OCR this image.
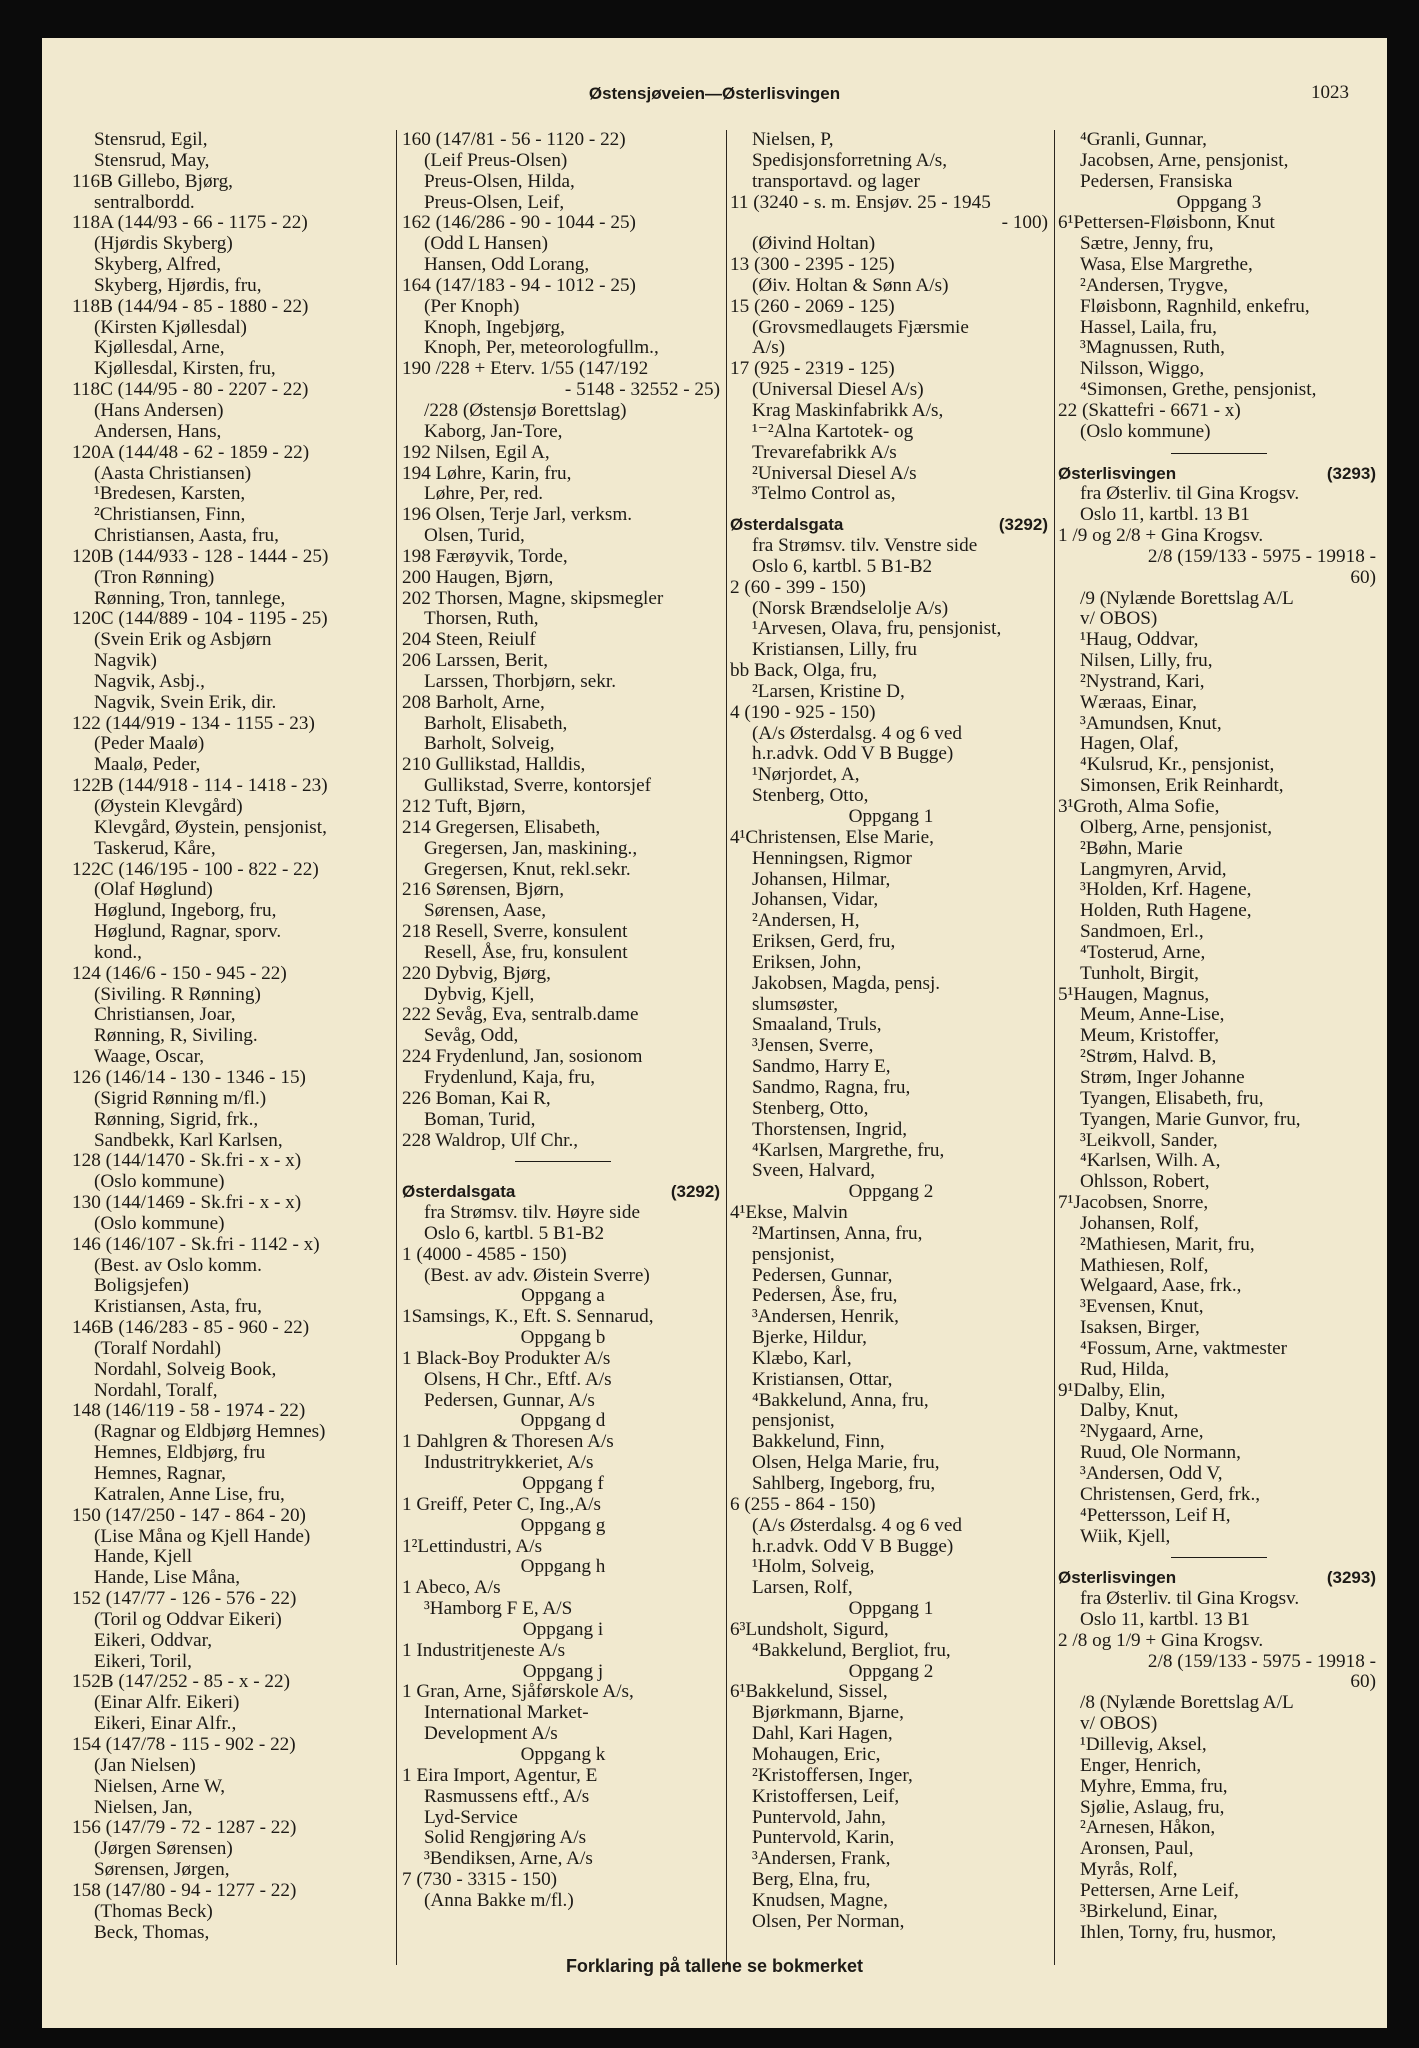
Østensjøveien—Østerlisvingen	1023
Stensrud, Egil,
Stensrud, May,
116B Gillebo, Bjørg,
sentralbordd.
118A (144/93 - 66 - 1175 - 22)
(Hjørdis Skyberg)
Skyberg, Alfred,
Skyberg, Hjørdis, fru,
118B (144/94 - 85 - 1880 - 22)
(Kirsten Kjøllesdal)
Kjøllesdal, Arne,
Kjøllesdal, Kirsten, fru,
118C (144/95 - 80 - 2207 - 22)
(Hans Andersen)
Andersen, Hans,
120A (144/48 - 62 - 1859 - 22)
(Aasta Christiansen)
¹Bredesen, Karsten,
²Christiansen, Finn,
Christiansen, Aasta, fru,
120B (144/933 - 128 - 1444 - 25)
(Tron Rønning)
Rønning, Tron, tannlege,
120C (144/889 - 104 - 1195 - 25)
(Svein Erik og Asbjørn
Nagvik)
Nagvik, Asbj.,
Nagvik, Svein Erik, dir.
122 (144/919 - 134 - 1155 - 23)
(Peder Maalø)
Maalø, Peder,
122B (144/918 - 114 - 1418 - 23)
(Øystein Klevgård)
Klevgård, Øystein, pensjonist,
Taskerud, Kåre,
122C (146/195 - 100 - 822 - 22)
(Olaf Høglund)
Høglund, Ingeborg, fru,
Høglund, Ragnar, sporv.
kond.,
124 (146/6 - 150 - 945 - 22)
(Siviling. R Rønning)
Christiansen, Joar,
Rønning, R, Siviling.
Waage, Oscar,
126 (146/14 - 130 - 1346 - 15)
(Sigrid Rønning m/fl.)
Rønning, Sigrid, frk.,
Sandbekk, Karl Karlsen,
128 (144/1470 - Sk.fri - x - x)
(Oslo kommune)
130 (144/1469 - Sk.fri - x - x)
(Oslo kommune)
146 (146/107 - Sk.fri - 1142 - x)
(Best. av Oslo komm.
Boligsjefen)
Kristiansen, Asta, fru,
146B (146/283 - 85 - 960 - 22)
(Toralf Nordahl)
Nordahl, Solveig Book,
Nordahl, Toralf,
148 (146/119 - 58 - 1974 - 22)
(Ragnar og Eldbjørg Hemnes)
Hemnes, Eldbjørg, fru
Hemnes, Ragnar,
Katralen, Anne Lise, fru,
150 (147/250 - 147 - 864 - 20)
(Lise Måna og Kjell Hande)
Hande, Kjell
Hande, Lise Måna,
152 (147/77 - 126 - 576 - 22)
(Toril og Oddvar Eikeri)
Eikeri, Oddvar,
Eikeri, Toril,
152B (147/252 - 85 - x - 22)
(Einar Alfr. Eikeri)
Eikeri, Einar Alfr.,
154 (147/78 - 115 - 902 - 22)
(Jan Nielsen)
Nielsen, Arne W,
Nielsen, Jan,
156 (147/79 - 72 - 1287 - 22)
(Jørgen Sørensen)
Sørensen, Jørgen,
158 (147/80 - 94 - 1277 - 22)
(Thomas Beck)
Beck, Thomas,
160 (147/81 - 56 - 1120 - 22)
(Leif Preus-Olsen)
Preus-Olsen, Hilda,
Preus-Olsen, Leif,
162 (146/286 - 90 - 1044 - 25)
(Odd L Hansen)
Hansen, Odd Lorang,
164 (147/183 - 94 - 1012 - 25)
(Per Knoph)
Knoph, Ingebjørg,
Knoph, Per, meteorologfullm.,
190 /228 + Eterv. 1/55 (147/192
- 5148 - 32552 - 25)
/228 (Østensjø Borettslag)
Kaborg, Jan-Tore,
192 Nilsen, Egil A,
194 Løhre, Karin, fru,
Løhre, Per, red.
196 Olsen, Terje Jarl, verksm.
Olsen, Turid,
198 Færøyvik, Torde,
200 Haugen, Bjørn,
202 Thorsen, Magne, skipsmegler
Thorsen, Ruth,
204 Steen, Reiulf
206 Larssen, Berit,
Larssen, Thorbjørn, sekr.
208 Barholt, Arne,
Barholt, Elisabeth,
Barholt, Solveig,
210 Gullikstad, Halldis,
Gullikstad, Sverre, kontorsjef
212 Tuft, Bjørn,
214 Gregersen, Elisabeth,
Gregersen, Jan, maskining.,
Gregersen, Knut, rekl.sekr.
216 Sørensen, Bjørn,
Sørensen, Aase,
218 Resell, Sverre, konsulent
Resell, Åse, fru, konsulent
220 Dybvig, Bjørg,
Dybvig, Kjell,
222 Sevåg, Eva, sentralb.dame
Sevåg, Odd,
224 Frydenlund, Jan, sosionom
Frydenlund, Kaja, fru,
226 Boman, Kai R,
Boman, Turid,
228 Waldrop, Ulf Chr.,
Østerdalsgata	(3292)
fra Strømsv. tilv. Høyre side
Oslo 6, kartbl. 5 B1-B2
1 (4000 - 4585 - 150)
(Best. av adv. Øistein Sverre)
Oppgang a
1Samsings, K., Eft. S. Sennarud,
Oppgang b
1 Black-Boy Produkter A/s
Olsens, H Chr., Eftf. A/s
Pedersen, Gunnar, A/s
Oppgang d
1 Dahlgren & Thoresen A/s
Industritrykkeriet, A/s
Oppgang f
1 Greiff, Peter C, Ing.,A/s
Oppgang g
1²Lettindustri, A/s
Oppgang h
1 Abeco, A/s
³Hamborg F E, A/S
Oppgang i
1 Industritjeneste A/s
Oppgang j
1 Gran, Arne, Sjåførskole A/s,
International Market-
Development A/s
Oppgang k
1 Eira Import, Agentur, E
Rasmussens eftf., A/s
Lyd-Service
Solid Rengjøring A/s
³Bendiksen, Arne, A/s
7 (730 - 3315 - 150)
(Anna Bakke m/fl.)
Nielsen, P,
Spedisjonsforretning A/s,
transportavd. og lager
11 (3240 - s. m. Ensjøv. 25 - 1945
- 100)
(Øivind Holtan)
13 (300 - 2395 - 125)
(Øiv. Holtan & Sønn A/s)
15 (260 - 2069 - 125)
(Grovsmedlaugets Fjærsmie
A/s)
17 (925 - 2319 - 125)
(Universal Diesel A/s)
Krag Maskinfabrikk A/s,
¹⁻²Alna Kartotek- og
Trevarefabrikk A/s
²Universal Diesel A/s
³Telmo Control as,
Østerdalsgata	(3292)
fra Strømsv. tilv. Venstre side
Oslo 6, kartbl. 5 B1-B2
2 (60 - 399 - 150)
(Norsk Brændselolje A/s)
¹Arvesen, Olava, fru, pensjonist,
Kristiansen, Lilly, fru
bb Back, Olga, fru,
²Larsen, Kristine D,
4 (190 - 925 - 150)
(A/s Østerdalsg. 4 og 6 ved
h.r.advk. Odd V B Bugge)
¹Nørjordet, A,
Stenberg, Otto,
Oppgang 1
4¹Christensen, Else Marie,
Henningsen, Rigmor
Johansen, Hilmar,
Johansen, Vidar,
²Andersen, H,
Eriksen, Gerd, fru,
Eriksen, John,
Jakobsen, Magda, pensj.
slumsøster,
Smaaland, Truls,
³Jensen, Sverre,
Sandmo, Harry E,
Sandmo, Ragna, fru,
Stenberg, Otto,
Thorstensen, Ingrid,
⁴Karlsen, Margrethe, fru,
Sveen, Halvard,
Oppgang 2
4¹Ekse, Malvin
²Martinsen, Anna, fru,
pensjonist,
Pedersen, Gunnar,
Pedersen, Åse, fru,
³Andersen, Henrik,
Bjerke, Hildur,
Klæbo, Karl,
Kristiansen, Ottar,
⁴Bakkelund, Anna, fru,
pensjonist,
Bakkelund, Finn,
Olsen, Helga Marie, fru,
Sahlberg, Ingeborg, fru,
6 (255 - 864 - 150)
(A/s Østerdalsg. 4 og 6 ved
h.r.advk. Odd V B Bugge)
¹Holm, Solveig,
Larsen, Rolf,
Oppgang 1
6³Lundsholt, Sigurd,
⁴Bakkelund, Bergliot, fru,
Oppgang 2
6¹Bakkelund, Sissel,
Bjørkmann, Bjarne,
Dahl, Kari Hagen,
Mohaugen, Eric,
²Kristoffersen, Inger,
Kristoffersen, Leif,
Puntervold, Jahn,
Puntervold, Karin,
³Andersen, Frank,
Berg, Elna, fru,
Knudsen, Magne,
Olsen, Per Norman,
⁴Granli, Gunnar,
Jacobsen, Arne, pensjonist,
Pedersen, Fransiska
Oppgang 3
6¹Pettersen-Fløisbonn, Knut
Sætre, Jenny, fru,
Wasa, Else Margrethe,
²Andersen, Trygve,
Fløisbonn, Ragnhild, enkefru,
Hassel, Laila, fru,
³Magnussen, Ruth,
Nilsson, Wiggo,
⁴Simonsen, Grethe, pensjonist,
22 (Skattefri - 6671 - x)
(Oslo kommune)
Østerlisvingen	(3293)
fra Østerliv. til Gina Krogsv.
Oslo 11, kartbl. 13 B1
1 /9 og 2/8 + Gina Krogsv.
2/8 (159/133 - 5975 - 19918 -
60)
/9 (Nylænde Borettslag A/L
v/ OBOS)
¹Haug, Oddvar,
Nilsen, Lilly, fru,
²Nystrand, Kari,
Wæraas, Einar,
³Amundsen, Knut,
Hagen, Olaf,
⁴Kulsrud, Kr., pensjonist,
Simonsen, Erik Reinhardt,
3¹Groth, Alma Sofie,
Olberg, Arne, pensjonist,
²Bøhn, Marie
Langmyren, Arvid,
³Holden, Krf. Hagene,
Holden, Ruth Hagene,
Sandmoen, Erl.,
⁴Tosterud, Arne,
Tunholt, Birgit,
5¹Haugen, Magnus,
Meum, Anne-Lise,
Meum, Kristoffer,
²Strøm, Halvd. B,
Strøm, Inger Johanne
Tyangen, Elisabeth, fru,
Tyangen, Marie Gunvor, fru,
³Leikvoll, Sander,
⁴Karlsen, Wilh. A,
Ohlsson, Robert,
7¹Jacobsen, Snorre,
Johansen, Rolf,
²Mathiesen, Marit, fru,
Mathiesen, Rolf,
Welgaard, Aase, frk.,
³Evensen, Knut,
Isaksen, Birger,
⁴Fossum, Arne, vaktmester
Rud, Hilda,
9¹Dalby, Elin,
Dalby, Knut,
²Nygaard, Arne,
Ruud, Ole Normann,
³Andersen, Odd V,
Christensen, Gerd, frk.,
⁴Pettersson, Leif H,
Wiik, Kjell,
Østerlisvingen	(3293)
fra Østerliv. til Gina Krogsv.
Oslo 11, kartbl. 13 B1
2 /8 og 1/9 + Gina Krogsv.
2/8 (159/133 - 5975 - 19918 -
60)
/8 (Nylænde Borettslag A/L
v/ OBOS)
¹Dillevig, Aksel,
Enger, Henrich,
Myhre, Emma, fru,
Sjølie, Aslaug, fru,
²Arnesen, Håkon,
Aronsen, Paul,
Myrås, Rolf,
Pettersen, Arne Leif,
³Birkelund, Einar,
Ihlen, Torny, fru, husmor,
Forklaring på tallene se bokmerket
